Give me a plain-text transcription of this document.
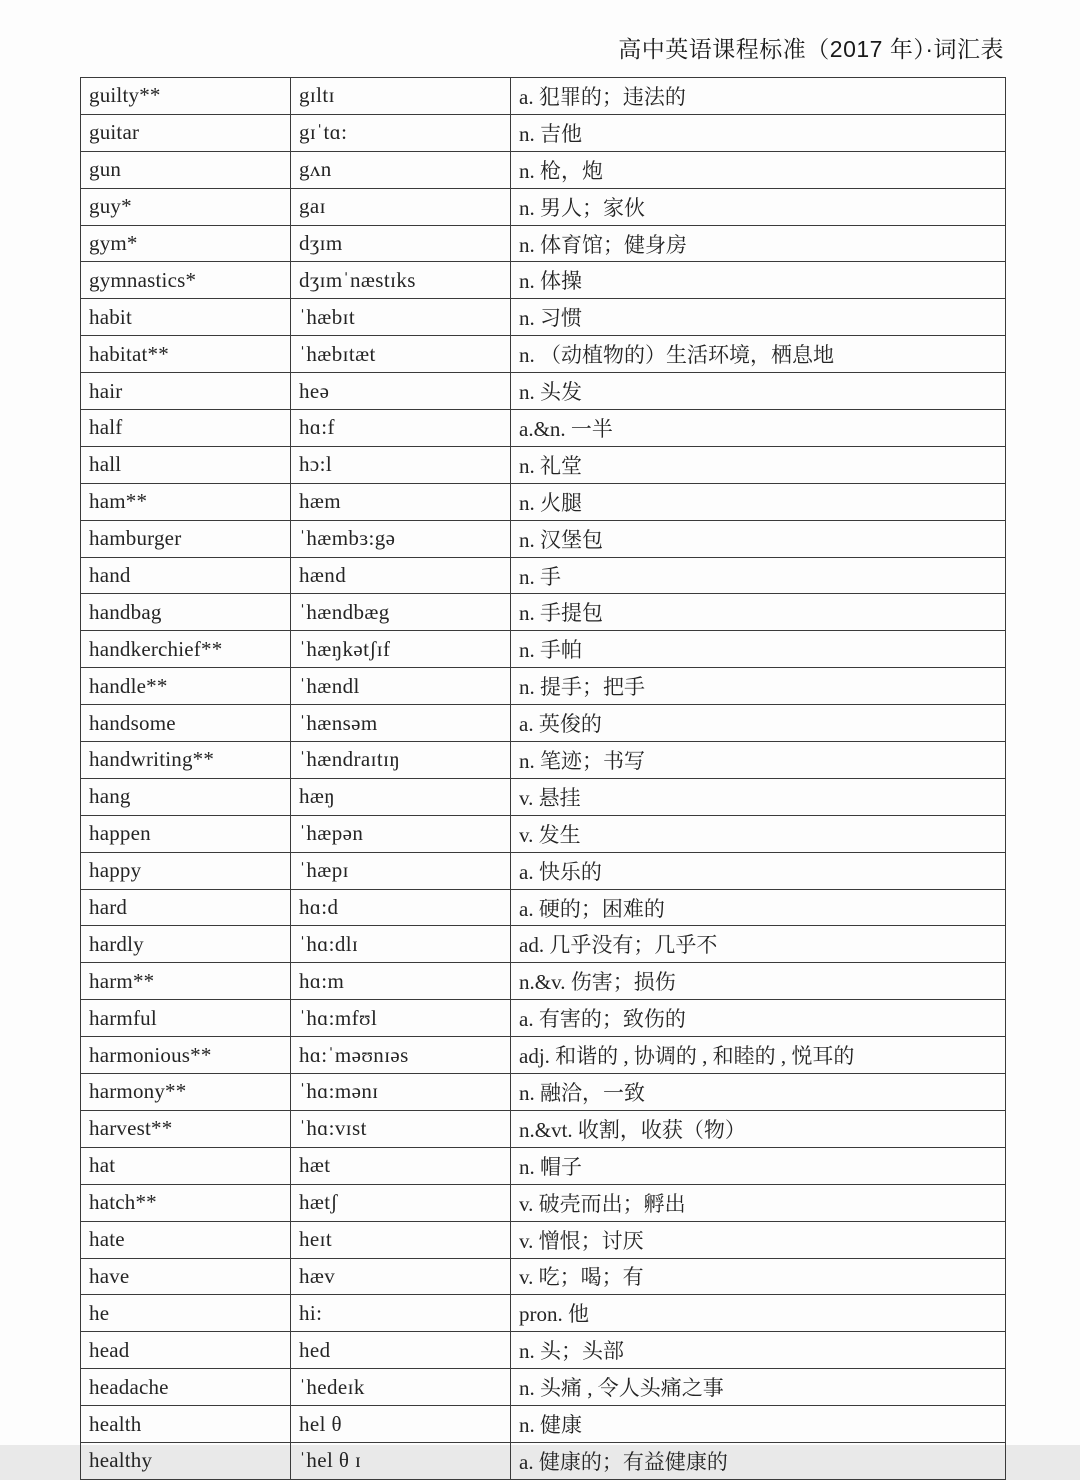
高中英语课程标准（2017 年）·词汇表
guilty**	gɪltɪ	a. 犯罪的；违法的
guitar	gɪˈtɑ:	n. 吉他
gun	gʌn	n. 枪，炮
guy*	gaɪ	n. 男人；家伙
gym*	dʒɪm	n. 体育馆；健身房
gymnastics*	dʒɪmˈnæstɪks	n. 体操
habit	ˈhæbɪt	n. 习惯
habitat**	ˈhæbɪtæt	n. （动植物的）生活环境，栖息地
hair	heə	n. 头发
half	hɑ:f	a.&n. 一半
hall	hɔ:l	n. 礼堂
ham**	hæm	n. 火腿
hamburger	ˈhæmbɜ:gə	n. 汉堡包
hand	hænd	n. 手
handbag	ˈhændbæg	n. 手提包
handkerchief**	ˈhæŋkətʃɪf	n. 手帕
handle**	ˈhændl	n. 提手；把手
handsome	ˈhænsəm	a. 英俊的
handwriting**	ˈhændraɪtɪŋ	n. 笔迹；书写
hang	hæŋ	v. 悬挂
happen	ˈhæpən	v. 发生
happy	ˈhæpɪ	a. 快乐的
hard	hɑ:d	a. 硬的；困难的
hardly	ˈhɑ:dlɪ	ad. 几乎没有；几乎不
harm**	hɑ:m	n.&v. 伤害；损伤
harmful	ˈhɑ:mfʊl	a. 有害的；致伤的
harmonious**	hɑ:ˈməʊnɪəs	adj. 和谐的 , 协调的 , 和睦的 , 悦耳的
harmony**	ˈhɑ:mənɪ	n. 融洽，一致
harvest**	ˈhɑ:vɪst	n.&vt. 收割，收获（物）
hat	hæt	n. 帽子
hatch**	hætʃ	v. 破壳而出；孵出
hate	heɪt	v. 憎恨；讨厌
have	hæv	v. 吃；喝；有
he	hi:	pron. 他
head	hed	n. 头；头部
headache	ˈhedeɪk	n. 头痛 , 令人头痛之事
health	hel θ	n. 健康
healthy	ˈhel θ ɪ	a. 健康的；有益健康的
